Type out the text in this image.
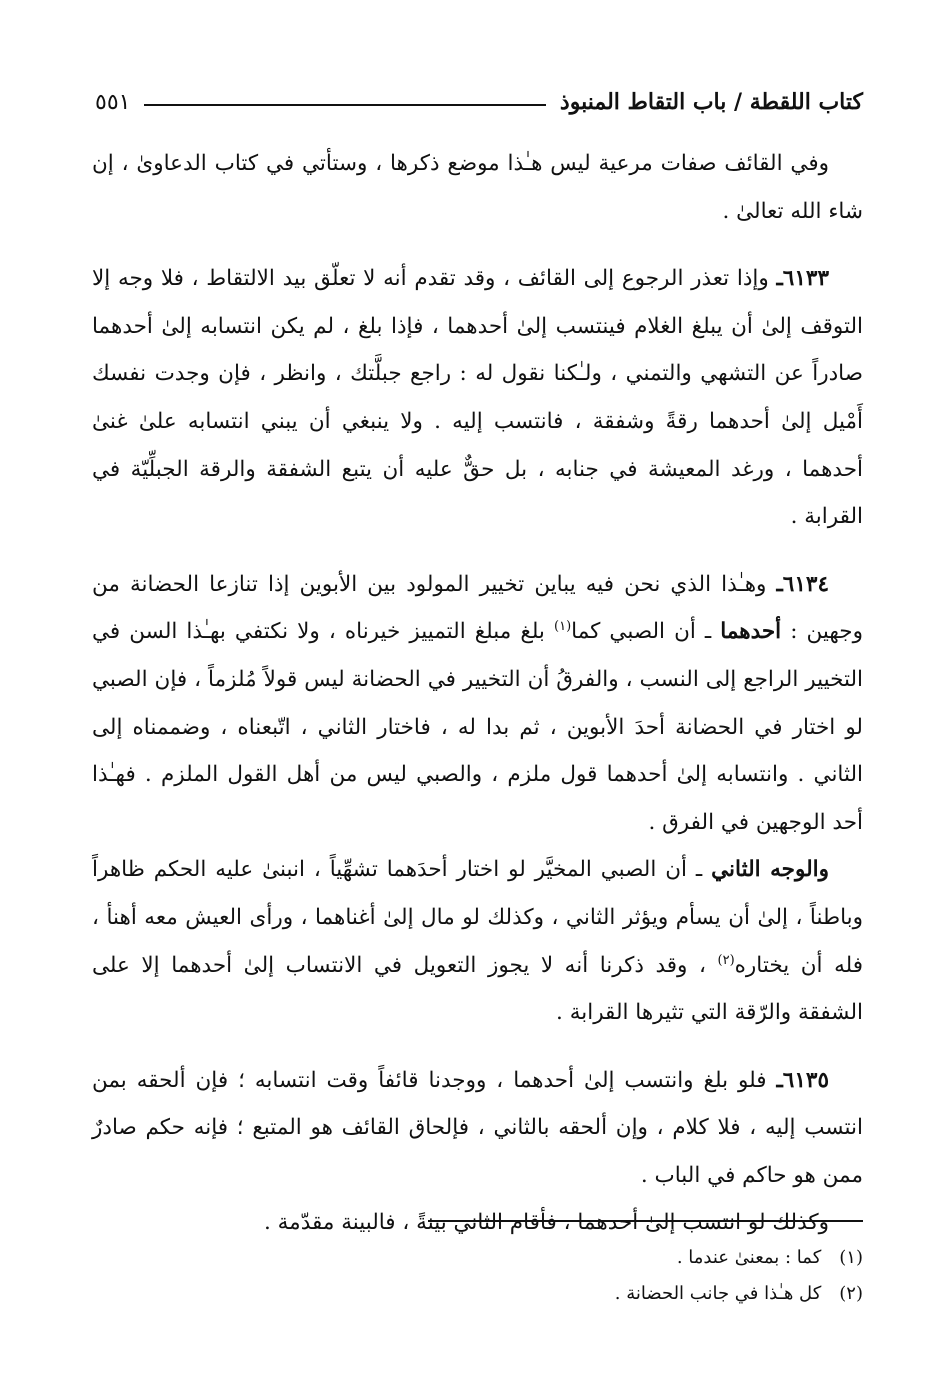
كتاب اللقطة / باب التقاط المنبوذ
٥٥١

وفي القائف صفات مرعية ليس هـٰذا موضع ذكرها ، وستأتي في كتاب الدعاوىٰ ، إن شاء الله تعالىٰ .

٦١٣٣ـ وإذا تعذر الرجوع إلى القائف ، وقد تقدم أنه لا تعلّق بيد الالتقاط ، فلا وجه إلا التوقف إلىٰ أن يبلغ الغلام فينتسب إلىٰ أحدهما ، فإذا بلغ ، لم يكن انتسابه إلىٰ أحدهما صادراً عن التشهي والتمني ، ولـٰكنا نقول له : راجع جبلَّتك ، وانظر ، فإن وجدت نفسك أَمْيل إلىٰ أحدهما رقةً وشفقة ، فانتسب إليه . ولا ينبغي أن يبني انتسابه علىٰ غنىٰ أحدهما ، ورغد المعيشة في جنابه ، بل حقٌّ عليه أن يتبع الشفقة والرقة الجبلِّيّة في القرابة .

٦١٣٤ـ وهـٰذا الذي نحن فيه يباين تخيير المولود بين الأبوين إذا تنازعا الحضانة من وجهين : أحدهما ـ أن الصبي كما$^{(١)}$ بلغ مبلغ التمييز خيرناه ، ولا نكتفي بهـٰذا السن في التخيير الراجع إلى النسب ، والفرقُ أن التخيير في الحضانة ليس قولاً مُلزماً ، فإن الصبي لو اختار في الحضانة أحدَ الأبوين ، ثم بدا له ، فاختار الثاني ، اتّبعناه ، وضممناه إلى الثاني . وانتسابه إلىٰ أحدهما قول ملزم ، والصبي ليس من أهل القول الملزم . فهـٰذا أحد الوجهين في الفرق .

والوجه الثاني ـ أن الصبي المخيَّر لو اختار أحدَهما تشهِّياً ، انبنىٰ عليه الحكم ظاهراً وباطناً ، إلىٰ أن يسأم ويؤثر الثاني ، وكذلك لو مال إلىٰ أغناهما ، ورأى العيش معه أهنأ ، فله أن يختاره$^{(٢)}$ ، وقد ذكرنا أنه لا يجوز التعويل في الانتساب إلىٰ أحدهما إلا على الشفقة والرّقة التي تثيرها القرابة .

٦١٣٥ـ فلو بلغ وانتسب إلىٰ أحدهما ، ووجدنا قائفاً وقت انتسابه ؛ فإن ألحقه بمن انتسب إليه ، فلا كلام ، وإن ألحقه بالثاني ، فإلحاق القائف هو المتبع ؛ فإنه حكم صادرٌ ممن هو حاكم في الباب .

وكذلك لو انتسب إلىٰ أحدهما ، فأقام الثاني بينةً ، فالبينة مقدّمة .

(١)
كما : بمعنىٰ عندما .
(٢)
كل هـٰذا في جانب الحضانة .
